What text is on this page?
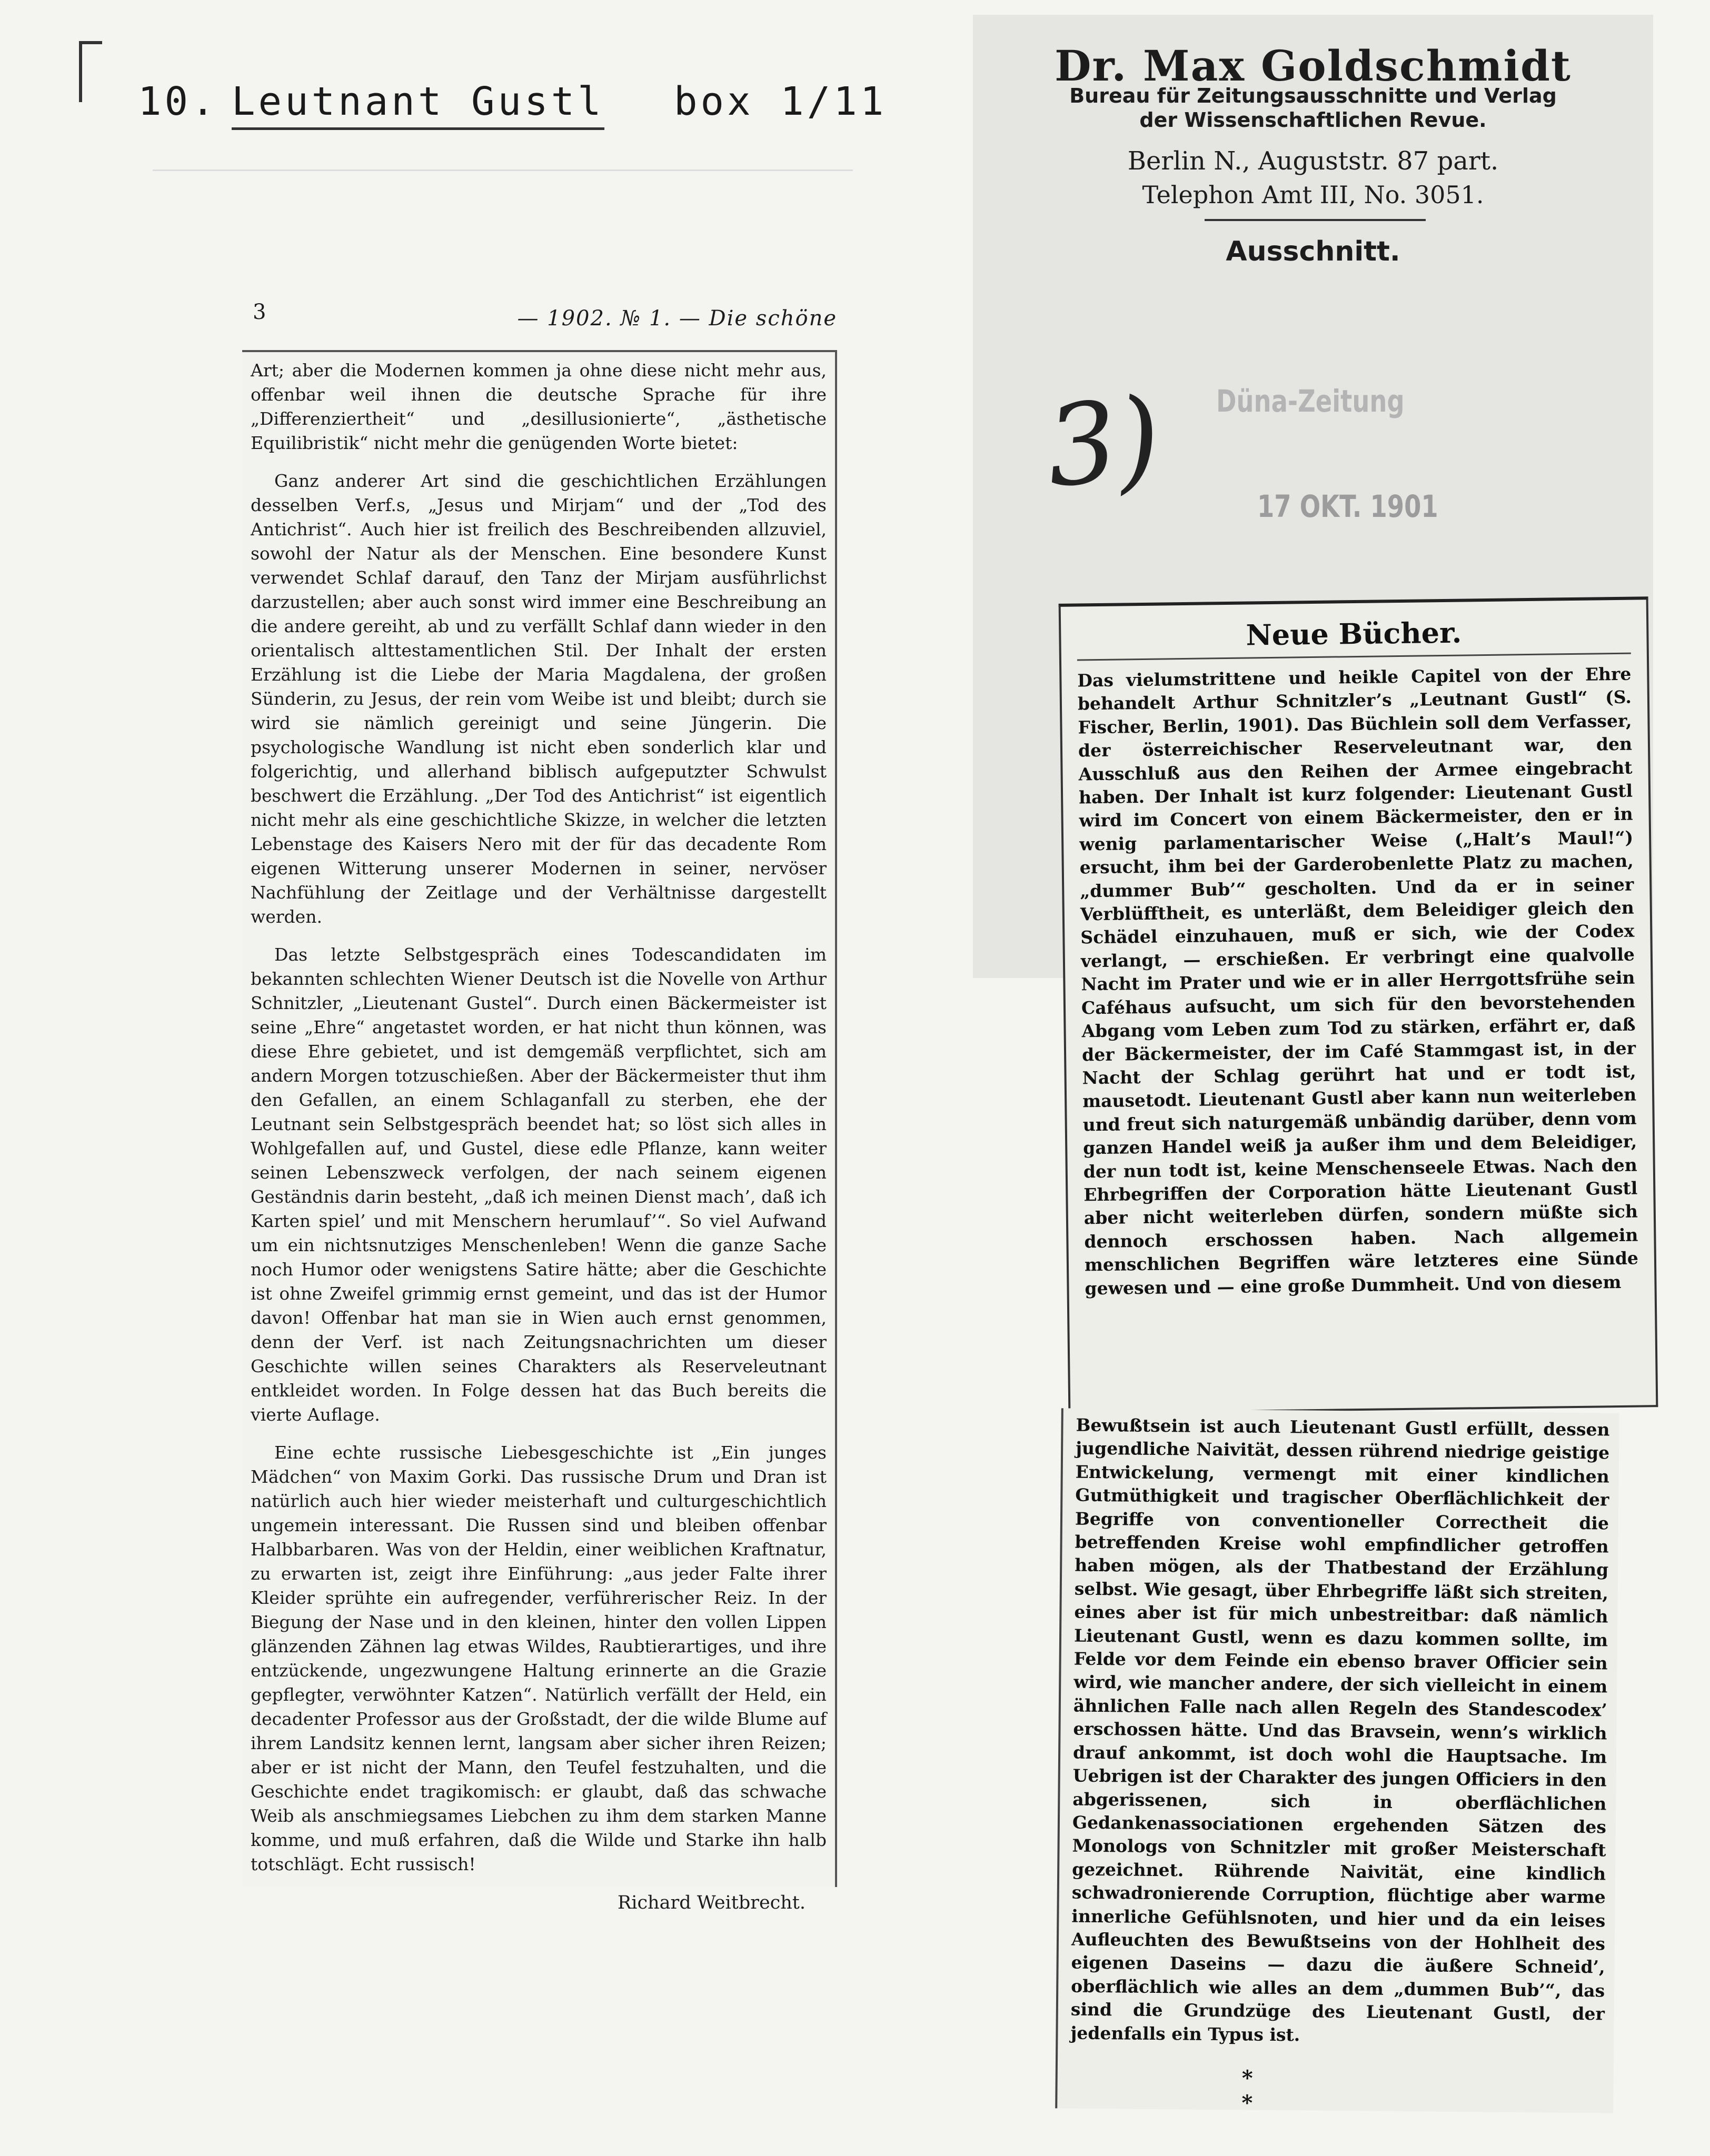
10. Leutnant Gustl box 1/11
3	— 1902. № 1. — Die schöne

Art; aber die Modernen kommen ja ohne diese nicht mehr aus, offenbar weil ihnen die deutsche Sprache für ihre „Differenziertheit“ und „desillusionierte“, „ästhetische Equilibristik“ nicht mehr die genügenden Worte bietet:

Ganz anderer Art sind die geschichtlichen Erzählungen desselben Verf.s, „Jesus und Mirjam“ und der „Tod des Antichrist“. Auch hier ist freilich des Beschreibenden allzuviel, sowohl der Natur als der Menschen. Eine besondere Kunst verwendet Schlaf darauf, den Tanz der Mirjam ausführlichst darzustellen; aber auch sonst wird immer eine Beschreibung an die andere gereiht, ab und zu verfällt Schlaf dann wieder in den orientalisch alttestamentlichen Stil. Der Inhalt der ersten Erzählung ist die Liebe der Maria Magdalena, der großen Sünderin, zu Jesus, der rein vom Weibe ist und bleibt; durch sie wird sie nämlich gereinigt und seine Jüngerin. Die psychologische Wandlung ist nicht eben sonderlich klar und folgerichtig, und allerhand biblisch aufgeputzter Schwulst beschwert die Erzählung. „Der Tod des Antichrist“ ist eigentlich nicht mehr als eine geschichtliche Skizze, in welcher die letzten Lebenstage des Kaisers Nero mit der für das decadente Rom eigenen Witterung unserer Modernen in seiner, nervöser Nachfühlung der Zeitlage und der Verhältnisse dargestellt werden.

Das letzte Selbstgespräch eines Todescandidaten im bekannten schlechten Wiener Deutsch ist die Novelle von Arthur Schnitzler, „Lieutenant Gustel“. Durch einen Bäckermeister ist seine „Ehre“ angetastet worden, er hat nicht thun können, was diese Ehre gebietet, und ist demgemäß verpflichtet, sich am andern Morgen totzuschießen. Aber der Bäckermeister thut ihm den Gefallen, an einem Schlaganfall zu sterben, ehe der Leutnant sein Selbstgespräch beendet hat; so löst sich alles in Wohlgefallen auf, und Gustel, diese edle Pflanze, kann weiter seinen Lebenszweck verfolgen, der nach seinem eigenen Geständnis darin besteht, „daß ich meinen Dienst mach’, daß ich Karten spiel’ und mit Menschern herumlauf’“. So viel Aufwand um ein nichtsnutziges Menschenleben! Wenn die ganze Sache noch Humor oder wenigstens Satire hätte; aber die Geschichte ist ohne Zweifel grimmig ernst gemeint, und das ist der Humor davon! Offenbar hat man sie in Wien auch ernst genommen, denn der Verf. ist nach Zeitungsnachrichten um dieser Geschichte willen seines Charakters als Reserveleutnant entkleidet worden. In Folge dessen hat das Buch bereits die vierte Auflage.

Eine echte russische Liebesgeschichte ist „Ein junges Mädchen“ von Maxim Gorki. Das russische Drum und Dran ist natürlich auch hier wieder meisterhaft und culturgeschichtlich ungemein interessant. Die Russen sind und bleiben offenbar Halbbarbaren. Was von der Heldin, einer weiblichen Kraftnatur, zu erwarten ist, zeigt ihre Einführung: „aus jeder Falte ihrer Kleider sprühte ein aufregender, verführerischer Reiz. In der Biegung der Nase und in den kleinen, hinter den vollen Lippen glänzenden Zähnen lag etwas Wildes, Raubtierartiges, und ihre entzückende, ungezwungene Haltung erinnerte an die Grazie gepflegter, verwöhnter Katzen“. Natürlich verfällt der Held, ein decadenter Professor aus der Großstadt, der die wilde Blume auf ihrem Landsitz kennen lernt, langsam aber sicher ihren Reizen; aber er ist nicht der Mann, den Teufel festzuhalten, und die Geschichte endet tragikomisch: er glaubt, daß das schwache Weib als anschmiegsames Liebchen zu ihm dem starken Manne komme, und muß erfahren, daß die Wilde und Starke ihn halb totschlägt. Echt russisch!

Richard Weitbrecht.
Dr. Max Goldschmidt
Bureau für Zeitungsausschnitte und Verlag
der Wissenschaftlichen Revue.
Berlin N., Auguststr. 87 part.
Telephon Amt III, No. 3051.
Ausschnitt.
3) Düna-Zeitung
17 OKT. 1901
Neue Bücher.

Das vielumstrittene und heikle Capitel von der Ehre behandelt Arthur Schnitzler’s „Leutnant Gustl“ (S. Fischer, Berlin, 1901). Das Büchlein soll dem Verfasser, der österreichischer Reserveleutnant war, den Ausschluß aus den Reihen der Armee eingebracht haben. Der Inhalt ist kurz folgender: Lieutenant Gustl wird im Concert von einem Bäckermeister, den er in wenig parlamentarischer Weise („Halt’s Maul!“) ersucht, ihm bei der Garderobenlette Platz zu machen, „dummer Bub’“ gescholten. Und da er in seiner Verblüfftheit, es unterläßt, dem Beleidiger gleich den Schädel einzuhauen, muß er sich, wie der Codex verlangt, — erschießen. Er verbringt eine qualvolle Nacht im Prater und wie er in aller Herrgottsfrühe sein Caféhaus aufsucht, um sich für den bevorstehenden Abgang vom Leben zum Tod zu stärken, erfährt er, daß der Bäckermeister, der im Café Stammgast ist, in der Nacht der Schlag gerührt hat und er todt ist, mausetodt. Lieutenant Gustl aber kann nun weiterleben und freut sich naturgemäß unbändig darüber, denn vom ganzen Handel weiß ja außer ihm und dem Beleidiger, der nun todt ist, keine Menschenseele Etwas. Nach den Ehrbegriffen der Corporation hätte Lieutenant Gustl aber nicht weiterleben dürfen, sondern müßte sich dennoch erschossen haben. Nach allgemein menschlichen Begriffen wäre letzteres eine Sünde gewesen und — eine große Dummheit. Und von diesem

Bewußtsein ist auch Lieutenant Gustl erfüllt, dessen jugendliche Naivität, dessen rührend niedrige geistige Entwickelung, vermengt mit einer kindlichen Gutmüthigkeit und tragischer Oberflächlichkeit der Begriffe von conventioneller Correctheit die betreffenden Kreise wohl empfindlicher getroffen haben mögen, als der Thatbestand der Erzählung selbst. Wie gesagt, über Ehrbegriffe läßt sich streiten, eines aber ist für mich unbestreitbar: daß nämlich Lieutenant Gustl, wenn es dazu kommen sollte, im Felde vor dem Feinde ein ebenso braver Officier sein wird, wie mancher andere, der sich vielleicht in einem ähnlichen Falle nach allen Regeln des Standescodex’ erschossen hätte. Und das Bravsein, wenn’s wirklich drauf ankommt, ist doch wohl die Hauptsache. Im Uebrigen ist der Charakter des jungen Officiers in den abgerissenen, sich in oberflächlichen Gedankenassociationen ergehenden Sätzen des Monologs von Schnitzler mit großer Meisterschaft gezeichnet. Rührende Naivität, eine kindlich schwadronierende Corruption, flüchtige aber warme innerliche Gefühlsnoten, und hier und da ein leises Aufleuchten des Bewußtseins von der Hohlheit des eigenen Daseins — dazu die äußere Schneid’, oberflächlich wie alles an dem „dummen Bub’“, das sind die Grundzüge des Lieutenant Gustl, der jedenfalls ein Typus ist.

* *
